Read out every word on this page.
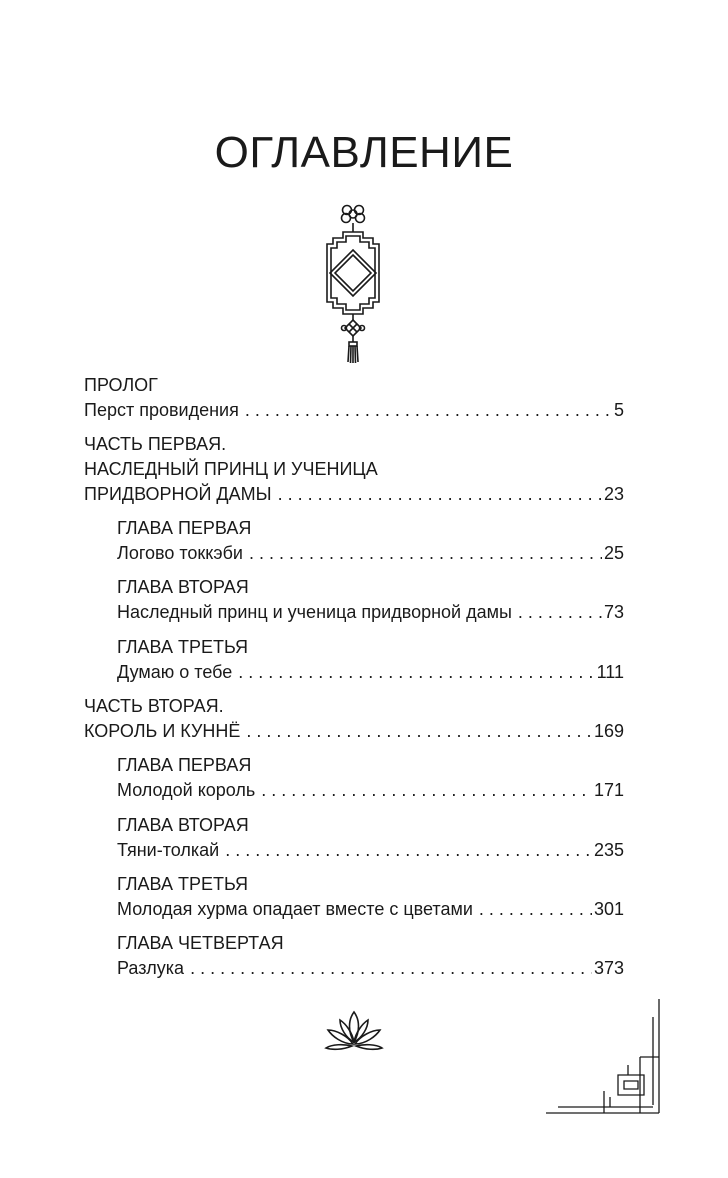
ОГЛАВЛЕНИЕ
ПРОЛОГ
Перст провидения . . .	5
ЧАСТЬ ПЕРВАЯ.
НАСЛЕДНЫЙ ПРИНЦ И УЧЕНИЦА
ПРИДВОРНОЙ ДАМЫ . . .	23
ГЛАВА ПЕРВАЯ
Логово токкэби . . .	25
ГЛАВА ВТОРАЯ
Наследный принц и ученица придворной дамы . . .	73
ГЛАВА ТРЕТЬЯ
Думаю о тебе . . .	111
ЧАСТЬ ВТОРАЯ.
КОРОЛЬ И КУННЁ . . .	169
ГЛАВА ПЕРВАЯ
Молодой король . . .	171
ГЛАВА ВТОРАЯ
Тяни-толкай . . .	235
ГЛАВА ТРЕТЬЯ
Молодая хурма опадает вместе с цветами . . .	301
ГЛАВА ЧЕТВЕРТАЯ
Разлука . . .	373
